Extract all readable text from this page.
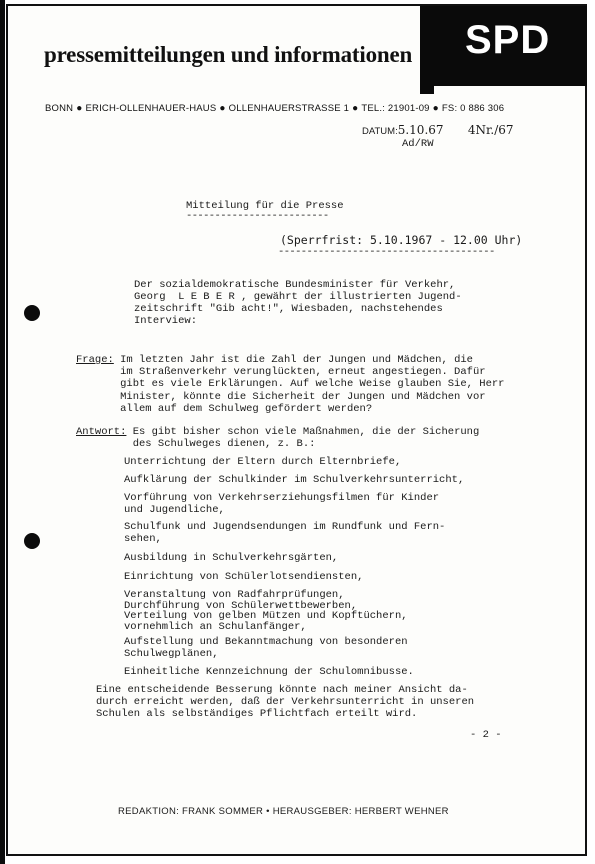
pressemitteilungen und informationen SPD
BONN ● ERICH-OLLENHAUER-HAUS ● OLLENHAUERSTRASSE 1 ● TEL.: 21901-09 ● FS: 0 886 306
DATUM:5.10.67 4Nr./67
Ad/RW
Mitteilung für die Presse
-------------------------
(Sperrfrist: 5.10.1967 - 12.00 Uhr)
--------------------------------------
Der sozialdemokratische Bundesminister für Verkehr,
Georg  L E B E R , gewährt der illustrierten Jugend-
zeitschrift "Gib acht!", Wiesbaden, nachstehendes
Interview:
Frage: Im letzten Jahr ist die Zahl der Jungen und Mädchen, die
im Straßenverkehr verunglückten, erneut angestiegen. Dafür
gibt es viele Erklärungen. Auf welche Weise glauben Sie, Herr
Minister, könnte die Sicherheit der Jungen und Mädchen vor
allem auf dem Schulweg gefördert werden?
Antwort: Es gibt bisher schon viele Maßnahmen, die der Sicherung
des Schulweges dienen, z. B.:
Unterrichtung der Eltern durch Elternbriefe,
Aufklärung der Schulkinder im Schulverkehrsunterricht,
Vorführung von Verkehrserziehungsfilmen für Kinder
und Jugendliche,
Schulfunk und Jugendsendungen im Rundfunk und Fern-
sehen,
Ausbildung in Schulverkehrsgärten,
Einrichtung von Schülerlotsendiensten,
Veranstaltung von Radfahrprüfungen,
Durchführung von Schülerwettbewerben,
Verteilung von gelben Mützen und Kopftüchern,
vornehmlich an Schulanfänger,
Aufstellung und Bekanntmachung von besonderen
Schulwegplänen,
Einheitliche Kennzeichnung der Schulomnibusse.
Eine entscheidende Besserung könnte nach meiner Ansicht da-
durch erreicht werden, daß der Verkehrsunterricht in unseren
Schulen als selbständiges Pflichtfach erteilt wird.
- 2 -
REDAKTION: FRANK SOMMER • HERAUSGEBER: HERBERT WEHNER
